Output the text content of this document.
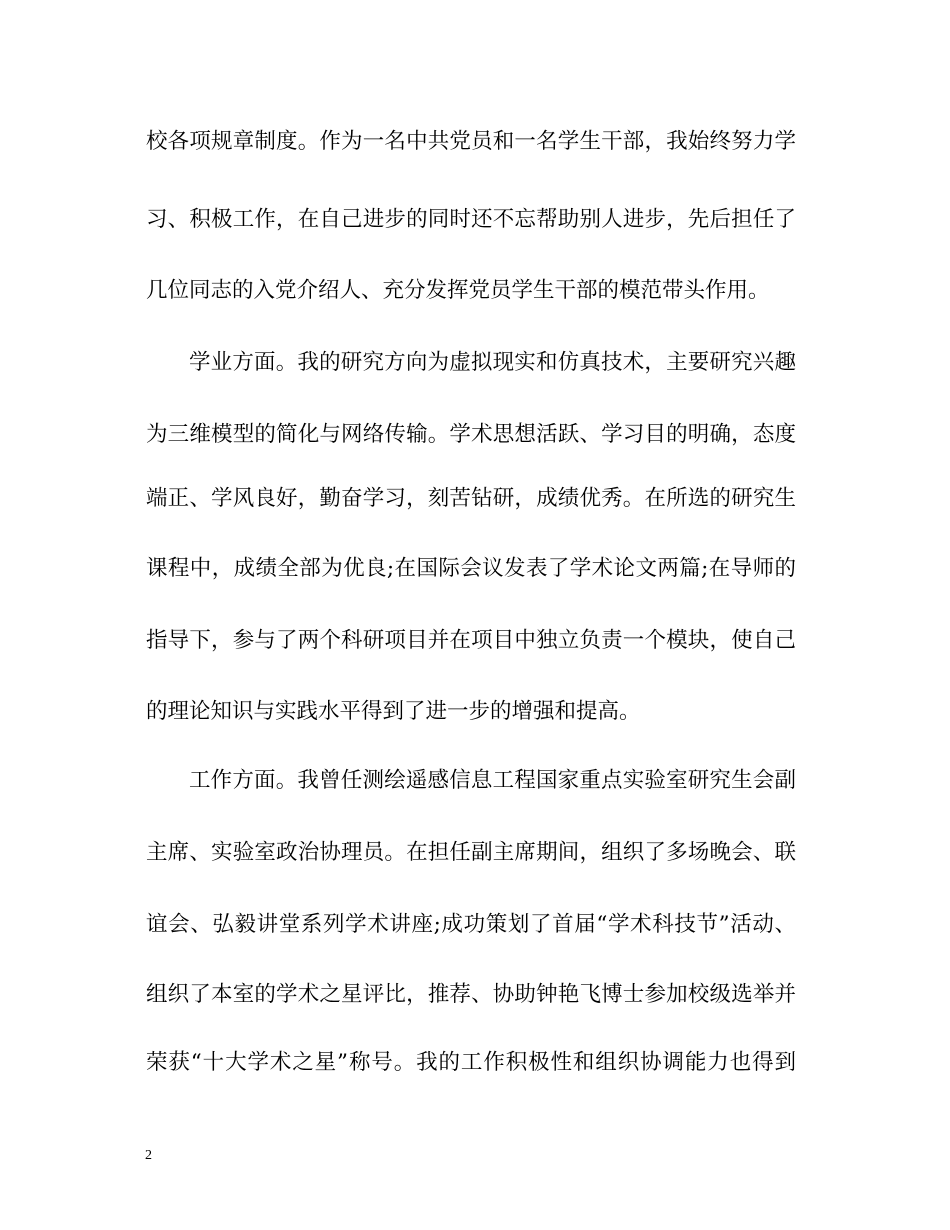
校各项规章制度。作为一名中共党员和一名学生干部，我始终努力学
习、积极工作，在自己进步的同时还不忘帮助别人进步，先后担任了
几位同志的入党介绍人、充分发挥党员学生干部的模范带头作用。
学业方面。我的研究方向为虚拟现实和仿真技术，主要研究兴趣
为三维模型的简化与网络传输。学术思想活跃、学习目的明确，态度
端正、学风良好，勤奋学习，刻苦钻研，成绩优秀。在所选的研究生
课程中，成绩全部为优良;在国际会议发表了学术论文两篇;在导师的
指导下，参与了两个科研项目并在项目中独立负责一个模块，使自己
的理论知识与实践水平得到了进一步的增强和提高。
工作方面。我曾任测绘遥感信息工程国家重点实验室研究生会副
主席、实验室政治协理员。在担任副主席期间，组织了多场晚会、联
谊会、弘毅讲堂系列学术讲座;成功策划了首届“学术科技节”活动、
组织了本室的学术之星评比，推荐、协助钟艳飞博士参加校级选举并
荣获“十大学术之星”称号。我的工作积极性和组织协调能力也得到
2
